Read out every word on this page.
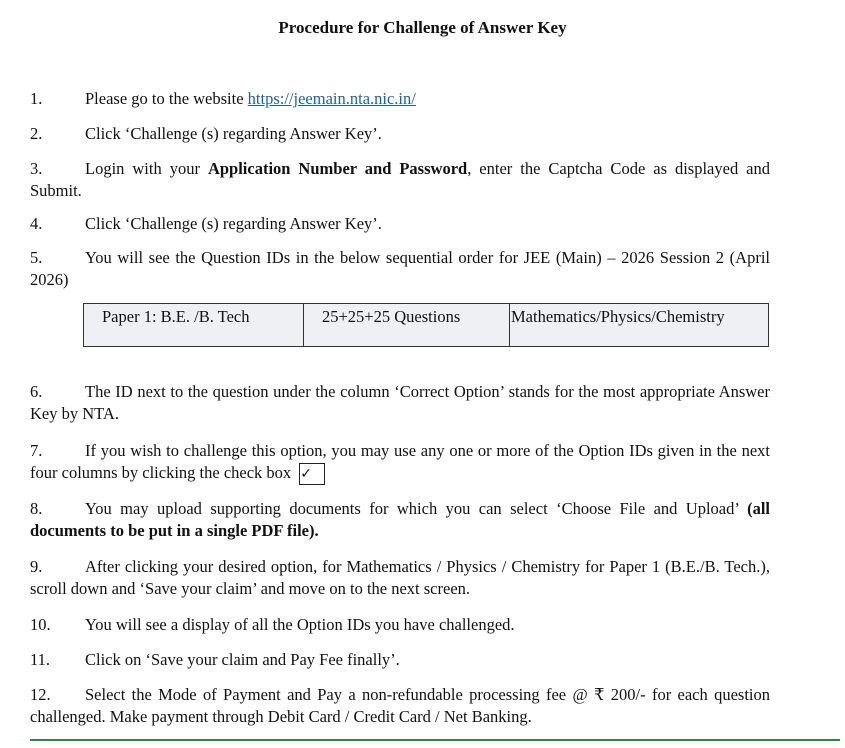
Procedure for Challenge of Answer Key
1.	Please go to the website https://jeemain.nta.nic.in/
2.	Click ‘Challenge (s) regarding Answer Key’.
3.	Login with your Application Number and Password, enter the Captcha Code as displayed and Submit.
4.	Click ‘Challenge (s) regarding Answer Key’.
5.	You will see the Question IDs in the below sequential order for JEE (Main) – 2026 Session 2 (April 2026)
Paper 1: B.E. /B. Tech	25+25+25 Questions	Mathematics/Physics/Chemistry
6.	The ID next to the question under the column ‘Correct Option’ stands for the most appropriate Answer Key by NTA.
7.	If you wish to challenge this option, you may use any one or more of the Option IDs given in the next four columns by clicking the check box ✓
8.	You may upload supporting documents for which you can select ‘Choose File and Upload’ (all documents to be put in a single PDF file).
9.	After clicking your desired option, for Mathematics / Physics / Chemistry for Paper 1 (B.E./B. Tech.), scroll down and ‘Save your claim’ and move on to the next screen.
10. You will see a display of all the Option IDs you have challenged.
11. Click on ‘Save your claim and Pay Fee finally’.
12. Select the Mode of Payment and Pay a non-refundable processing fee @ ₹ 200/- for each question challenged. Make payment through Debit Card / Credit Card / Net Banking.
